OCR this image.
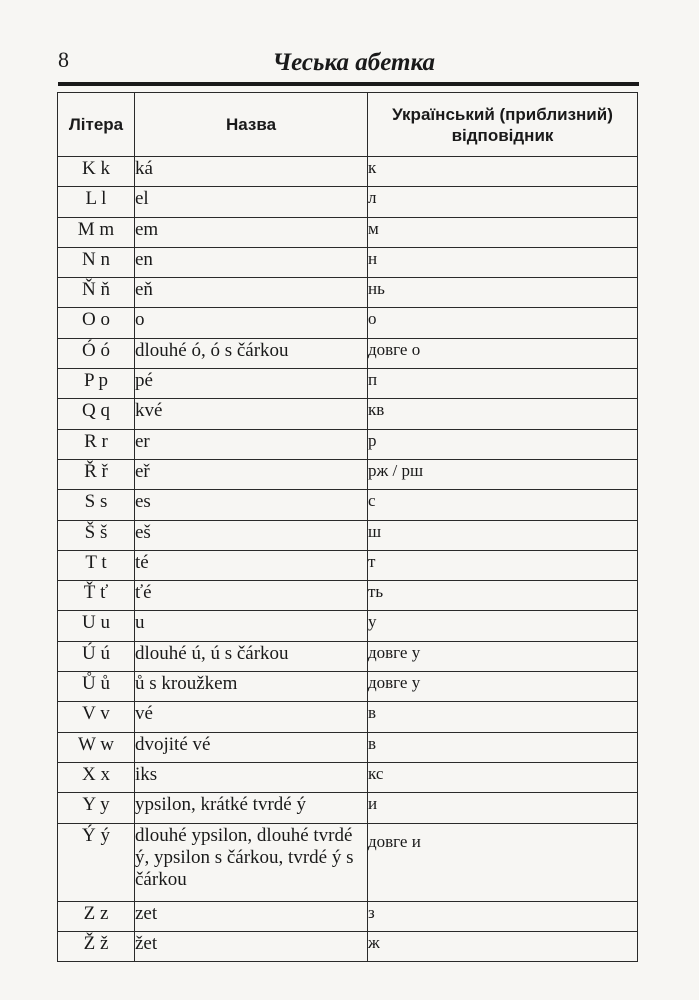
8	Чеська абетка
Літера	Назва	Український (приблизний) відповідник
K k	ká	к
L l	el	л
M m	em	м
N n	en	н
Ň ň	eň	нь
O o	o	о
Ó ó	dlouhé ó, ó s čárkou	довге о
P p	pé	п
Q q	kvé	кв
R r	er	р
Ř ř	eř	рж / рш
S s	es	с
Š š	eš	ш
T t	té	т
Ť ť	ťé	ть
U u	u	у
Ú ú	dlouhé ú, ú s čárkou	довге у
Ů ů	ů s kroužkem	довге у
V v	vé	в
W w	dvojité vé	в
X x	iks	кс
Y y	ypsilon, krátké tvrdé ý	и
Ý ý	dlouhé ypsilon, dlouhé tvrdé ý, ypsilon s čárkou, tvrdé ý s čárkou	довге и
Z z	zet	з
Ž ž	žet	ж
